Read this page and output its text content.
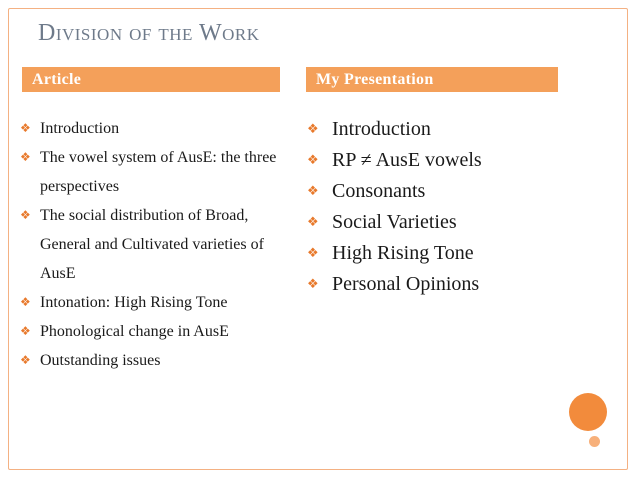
Division of the Work
Article	My Presentation
❖ Introduction
❖ The vowel system of AusE: the three perspectives
❖ The social distribution of Broad, General and Cultivated varieties of AusE
❖ Intonation: High Rising Tone
❖ Phonological change in AusE
❖ Outstanding issues
❖ Introduction
❖ RP ≠ AusE vowels
❖ Consonants
❖ Social Varieties
❖ High Rising Tone
❖ Personal Opinions
